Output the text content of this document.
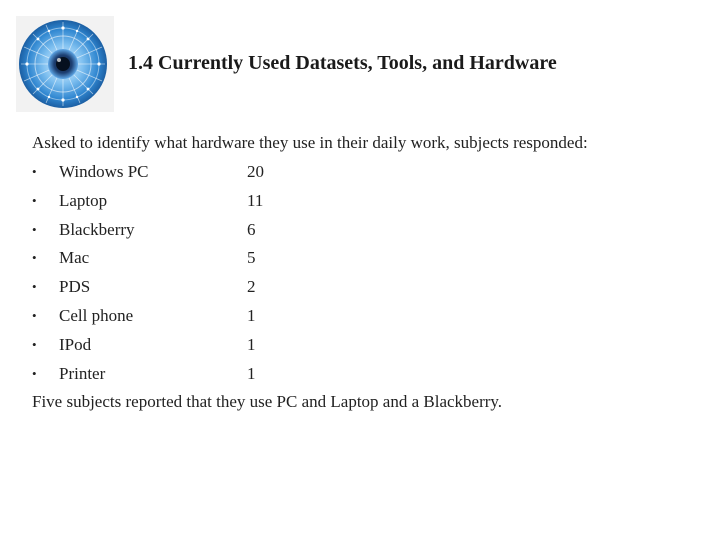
1.4 Currently Used Datasets, Tools, and Hardware

Asked to identify what hardware they use in their daily work, subjects responded:

• Windows PC	20
• Laptop	11
• Blackberry	6
• Mac	5
• PDS	2
• Cell phone	1
• IPod	1
• Printer	1

Five subjects reported that they use PC and Laptop and a Blackberry.
